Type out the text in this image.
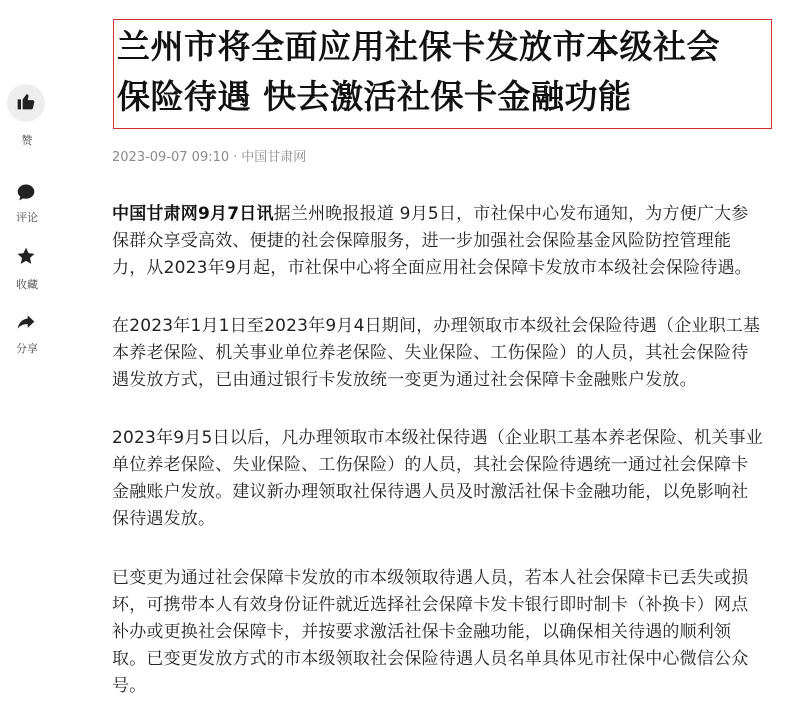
赞
评论
收藏
分享
兰州市将全面应用社保卡发放市本级社会
保险待遇 快去激活社保卡金融功能
2023-09-07 09:10 · 中国甘肃网

中国甘肃网9月7日讯据兰州晚报报道 9月5日，市社保中心发布通知，为方便广大参
保群众享受高效、便捷的社会保障服务，进一步加强社会保险基金风险防控管理能
力，从2023年9月起，市社保中心将全面应用社会保障卡发放市本级社会保险待遇。

在2023年1月1日至2023年9月4日期间，办理领取市本级社会保险待遇（企业职工基
本养老保险、机关事业单位养老保险、失业保险、工伤保险）的人员，其社会保险待
遇发放方式，已由通过银行卡发放统一变更为通过社会保障卡金融账户发放。

2023年9月5日以后，凡办理领取市本级社保待遇（企业职工基本养老保险、机关事业
单位养老保险、失业保险、工伤保险）的人员，其社会保险待遇统一通过社会保障卡
金融账户发放。建议新办理领取社保待遇人员及时激活社保卡金融功能，以免影响社
保待遇发放。

已变更为通过社会保障卡发放的市本级领取待遇人员，若本人社会保障卡已丢失或损
坏，可携带本人有效身份证件就近选择社会保障卡发卡银行即时制卡（补换卡）网点
补办或更换社会保障卡，并按要求激活社保卡金融功能，以确保相关待遇的顺利领
取。已变更发放方式的市本级领取社会保险待遇人员名单具体见市社保中心微信公众
号。
